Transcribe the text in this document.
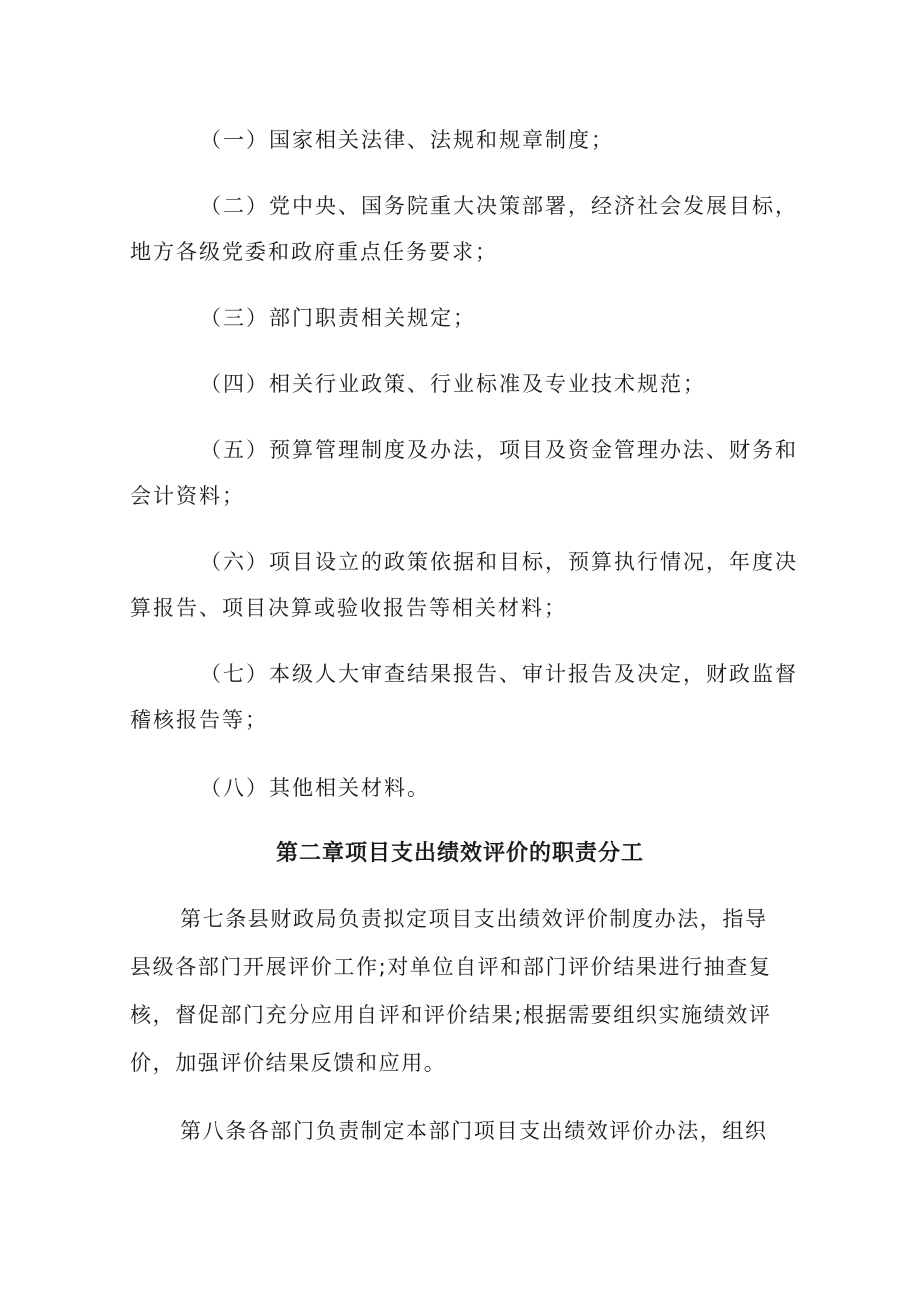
（一）国家相关法律、法规和规章制度；
（二）党中央、国务院重大决策部署，经济社会发展目标，
地方各级党委和政府重点任务要求；
（三）部门职责相关规定；
（四）相关行业政策、行业标准及专业技术规范；
（五）预算管理制度及办法，项目及资金管理办法、财务和
会计资料；
（六）项目设立的政策依据和目标，预算执行情况，年度决
算报告、项目决算或验收报告等相关材料；
（七）本级人大审查结果报告、审计报告及决定，财政监督
稽核报告等；
（八）其他相关材料。
第二章项目支出绩效评价的职责分工
第七条县财政局负责拟定项目支出绩效评价制度办法，指导
县级各部门开展评价工作;对单位自评和部门评价结果进行抽查复
核，督促部门充分应用自评和评价结果;根据需要组织实施绩效评
价，加强评价结果反馈和应用。
第八条各部门负责制定本部门项目支出绩效评价办法，组织
